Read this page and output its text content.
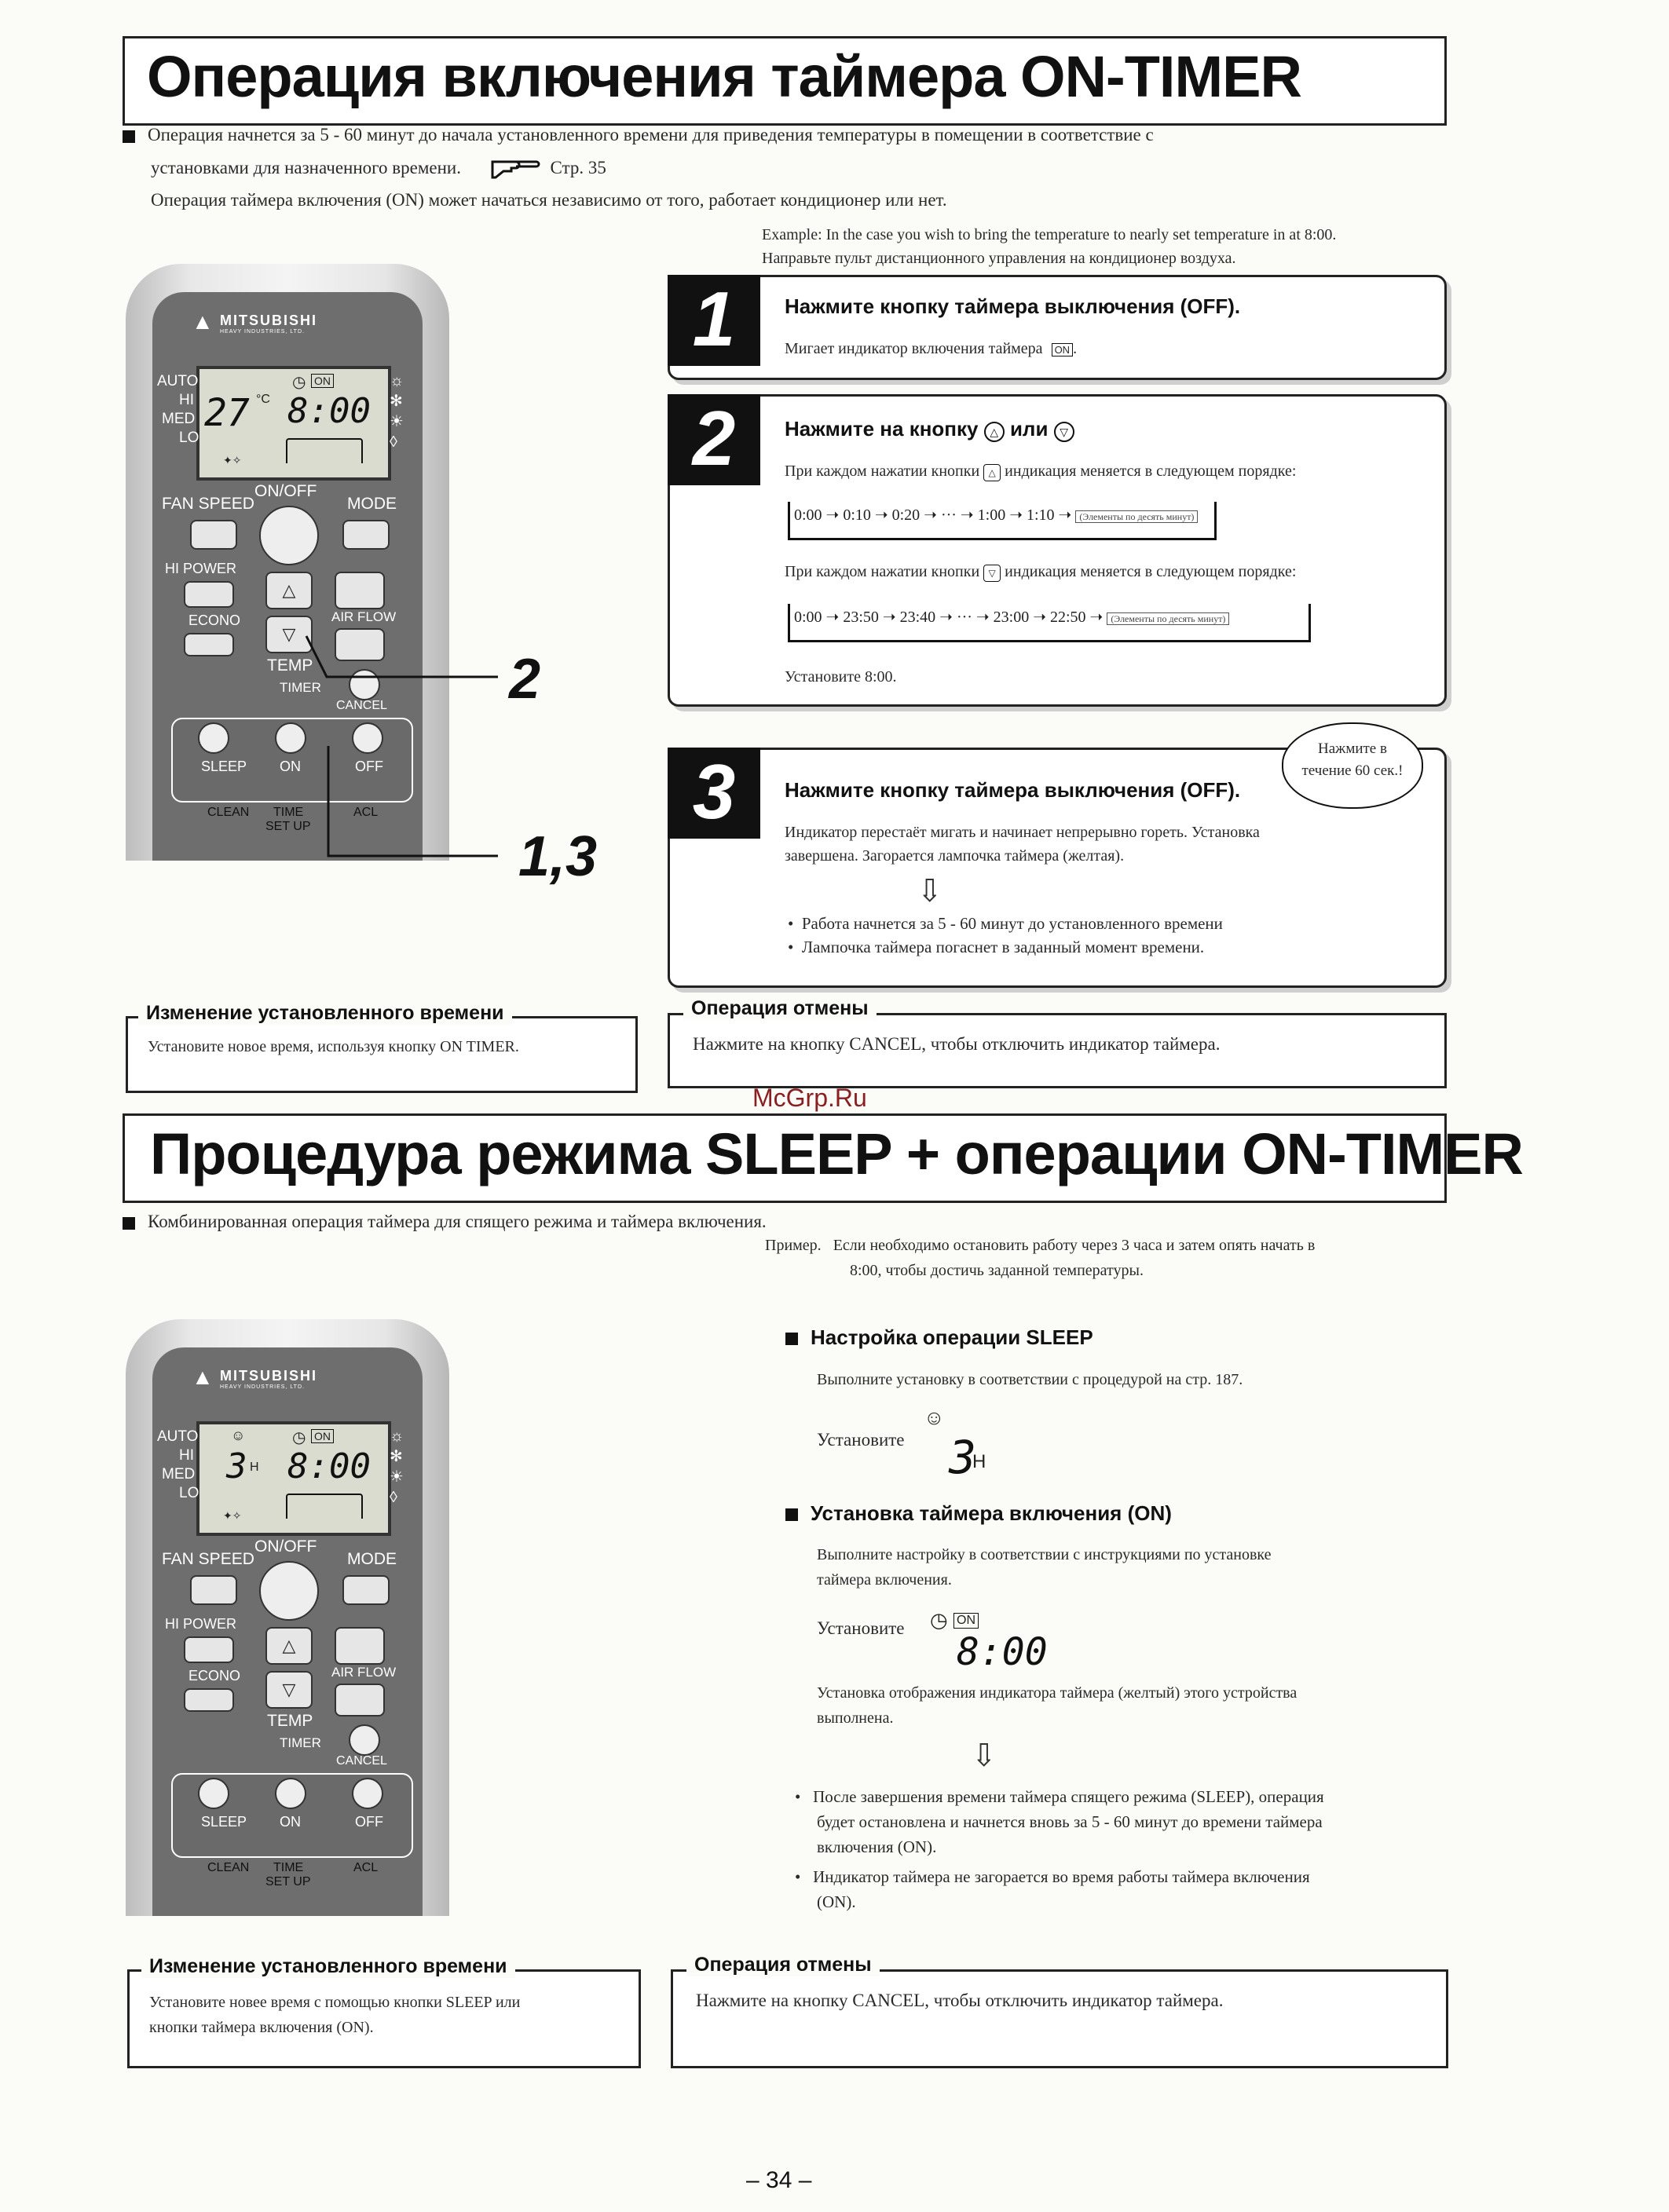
Операция включения таймера ON-TIMER
Операция начнется за 5 - 60 минут до начала установленного времени для приведения температуры в помещении в соответствие с
установками для назначенного времени.	Стр. 35
Операция таймера включения (ON) может начаться независимо от того, работает кондиционер или нет.
Example: In the case you wish to bring the temperature to nearly set temperature in at 8:00.
Направьте пульт дистанционного управления на кондиционер воздуха.
▲ MITSUBISHI
HEAVY INDUSTRIES, LTD.
27 °C
◷ ON
8:00
✦✧
AUTO
HI
MED
LO
☼
✻
☀
◊
FAN SPEED
ON/OFF
MODE
HI POWER
ECONO
△
▽
TEMP
AIR FLOW
TIMER
CANCEL
SLEEP ON	OFF
CLEAN TIME
SET UP
ACL
2
1,3
1	Нажмите кнопку таймера выключения (OFF).
Мигает индикатор включения таймера ON .
2	Нажмите на кнопку △ или ▽
При каждом нажатии кнопки △ индикация меняется в следующем порядке:
0:00 ➝ 0:10 ➝ 0:20 ➝ ··· ➝ 1:00 ➝ 1:10 ➝ (Элементы по десять минут)
При каждом нажатии кнопки ▽ индикация меняется в следующем порядке:
0:00 ➝ 23:50 ➝ 23:40 ➝ ··· ➝ 23:00 ➝ 22:50 ➝ (Элементы по десять минут)
Установите 8:00.
3	Нажмите кнопку таймера выключения (OFF).
Индикатор перестаёт мигать и начинает непрерывно гореть. Установка
завершена. Загорается лампочка таймера (желтая).
⇩
•  Работа начнется за 5 - 60 минут до установленного времени
•  Лампочка таймера погаснет в заданный момент времени.
Нажмите в течение 60 сек.!
Изменение установленного времени
Установите новое время, используя кнопку ON TIMER.
Операция отмены
Нажмите на кнопку CANCEL, чтобы отключить индикатор таймера.
McGrp.Ru
Процедура режима SLEEP + операции ON-TIMER
Комбинированная операция таймера для спящего режима и таймера включения.
Пример. Если необходимо остановить работу через 3 часа и затем опять начать в
8:00, чтобы достичь заданной температуры.
▲ MITSUBISHI
HEAVY INDUSTRIES, LTD.
☺
3 H
◷ ON
8:00
✦✧
AUTO
HI
MED
LO
☼
✻
☀
◊
FAN SPEED
ON/OFF
MODE
HI POWER
ECONO
△
▽
TEMP
AIR FLOW
TIMER
CANCEL
SLEEP ON	OFF
CLEAN TIME
SET UP
ACL
Настройка операции SLEEP
Выполните установку в соответствии с процедурой на стр. 187.
Установите
☺
3
H
Установка таймера включения (ON)
Выполните настройку в соответствии с инструкциями по установке
таймера включения.
Установите ◷ ON
8:00
Установка отображения индикатора таймера (желтый) этого устройства
выполнена.
⇩
•   После завершения времени таймера спящего режима (SLEEP), операция
будет остановлена и начнется вновь за 5 - 60 минут до времени таймера
включения (ON).
•   Индикатор таймера не загорается во время работы таймера включения
(ON).
Изменение установленного времени
Установите новее время с помощью кнопки SLEEP или
кнопки таймера включения (ON).
Операция отмены
Нажмите на кнопку CANCEL, чтобы отключить индикатор таймера.
– 34 –
